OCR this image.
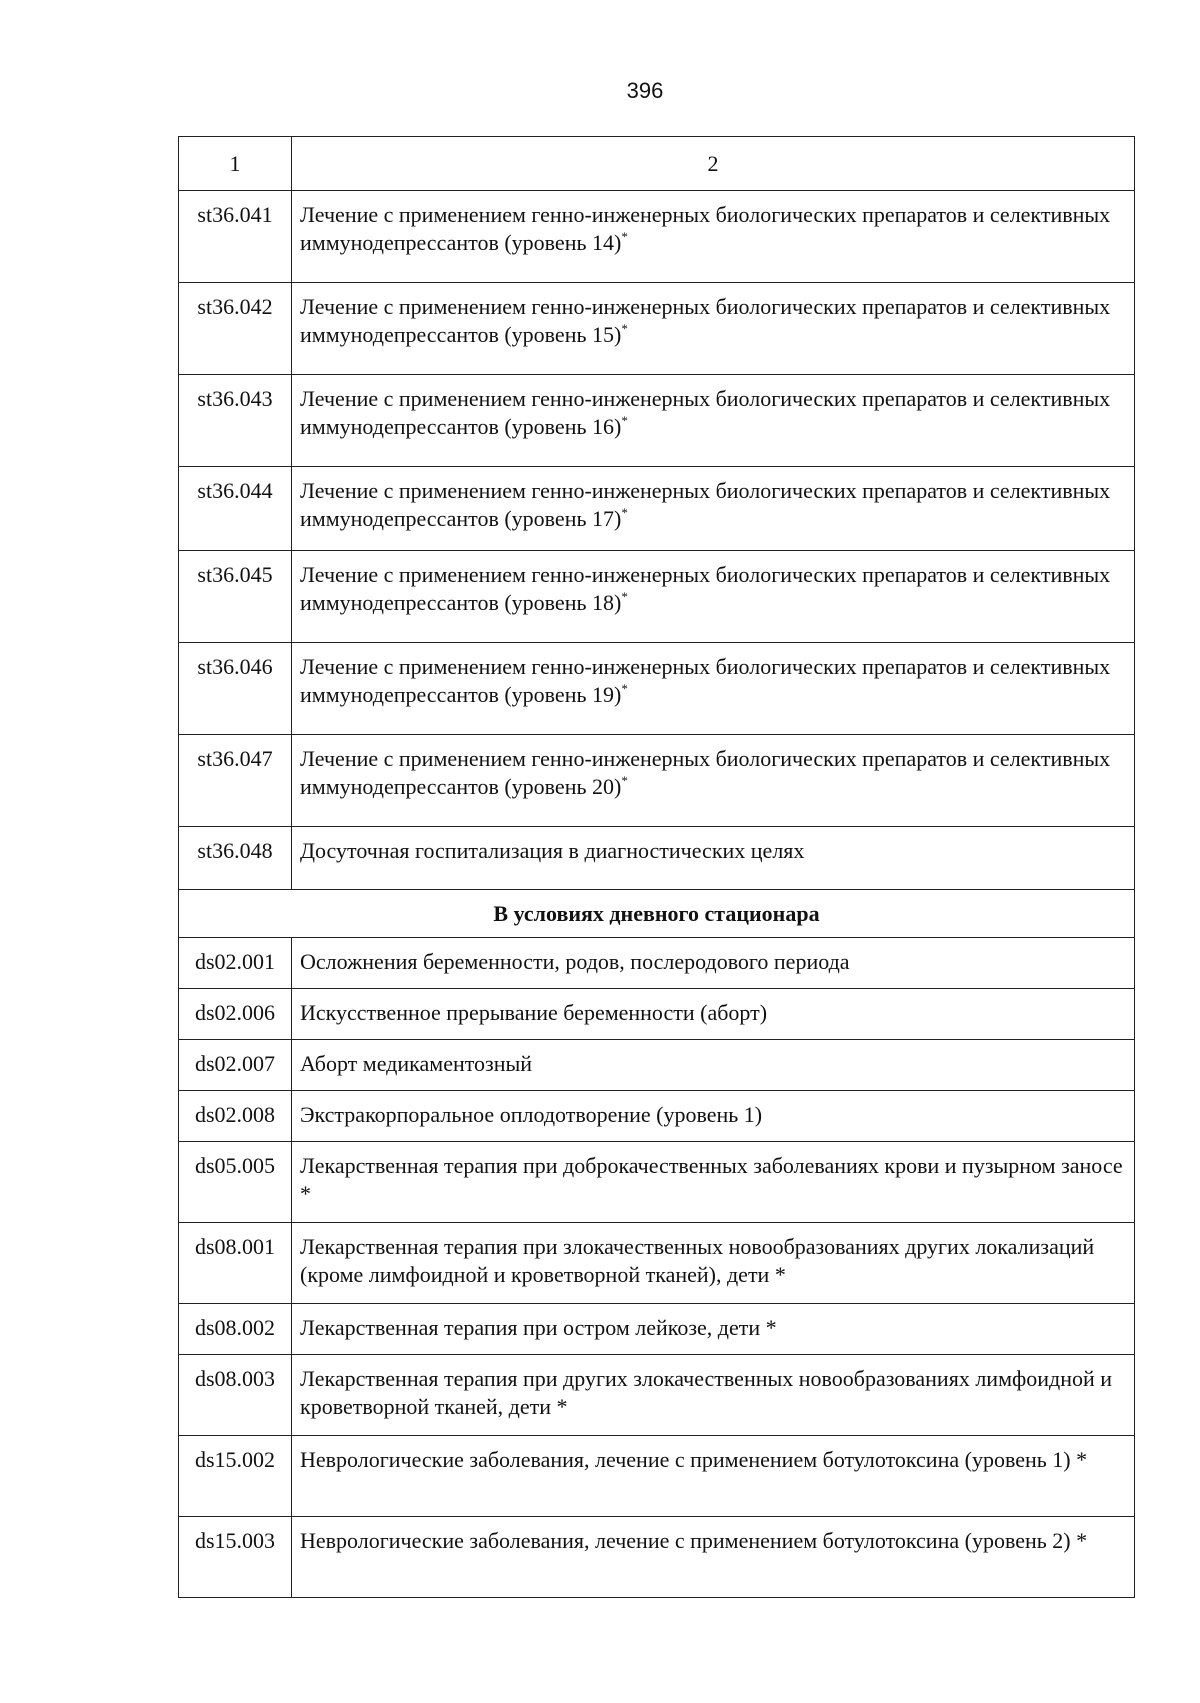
396
1	2
st36.041	Лечение с применением генно-инженерных биологических препаратов и селективных иммунодепрессантов (уровень 14)*
st36.042	Лечение с применением генно-инженерных биологических препаратов и селективных иммунодепрессантов (уровень 15)*
st36.043	Лечение с применением генно-инженерных биологических препаратов и селективных иммунодепрессантов (уровень 16)*
st36.044	Лечение с применением генно-инженерных биологических препаратов и селективных иммунодепрессантов (уровень 17)*
st36.045	Лечение с применением генно-инженерных биологических препаратов и селективных иммунодепрессантов (уровень 18)*
st36.046	Лечение с применением генно-инженерных биологических препаратов и селективных иммунодепрессантов (уровень 19)*
st36.047	Лечение с применением генно-инженерных биологических препаратов и селективных иммунодепрессантов (уровень 20)*
st36.048	Досуточная госпитализация в диагностических целях
В условиях дневного стационара	
ds02.001	Осложнения беременности, родов, послеродового периода
ds02.006	Искусственное прерывание беременности (аборт)
ds02.007	Аборт медикаментозный
ds02.008	Экстракорпоральное оплодотворение (уровень 1)
ds05.005	Лекарственная терапия при доброкачественных заболеваниях крови и пузырном заносе *
ds08.001	Лекарственная терапия при злокачественных новообразованиях других локализаций (кроме лимфоидной и кроветворной тканей), дети *
ds08.002	Лекарственная терапия при остром лейкозе, дети *
ds08.003	Лекарственная терапия при других злокачественных новообразованиях лимфоидной и кроветворной тканей, дети *
ds15.002	Неврологические заболевания, лечение с применением ботулотоксина (уровень 1) *
ds15.003	Неврологические заболевания, лечение с применением ботулотоксина (уровень 2) *
